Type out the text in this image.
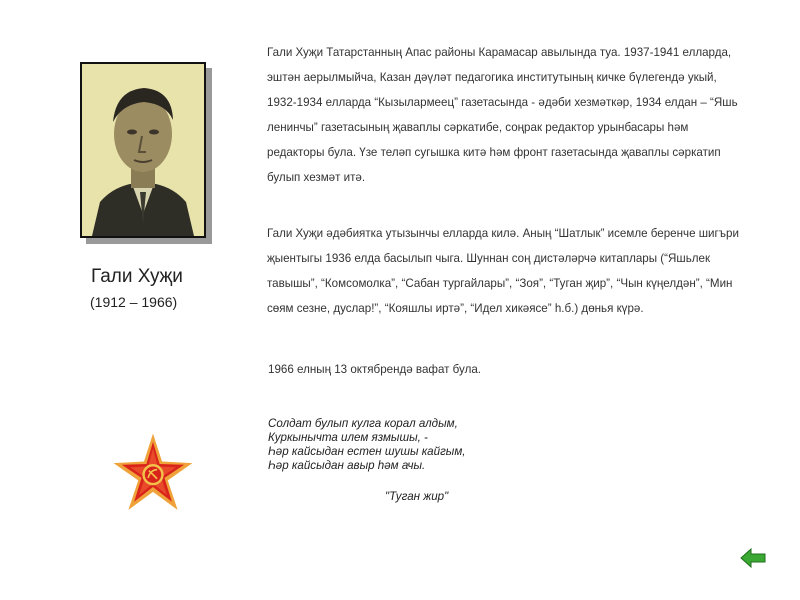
Гали Хуҗи
(1912 – 1966)

Гали Хуҗи Татарстанның Апас районы Карамасар авылында туа. 1937-1941 елларда, эштән аерылмыйча, Казан дәүләт педагогика институтының кичке бүлегендә укый, 1932-1934 елларда “Кызылармеец” газетасында - әдәби хезмәткәр, 1934 елдан – “Яшь ленинчы” газетасының җаваплы сәркатибе, соңрак редактор урынбасары һәм редакторы була. Үзе теләп сугышка китә һәм фронт газетасында җаваплы сәркатип булып хезмәт итә.

Гали Хуҗи әдәбиятка утызынчы елларда килә. Аның “Шатлык” исемле беренче шигъри җыентыгы 1936 елда басылып чыга. Шуннан соң дистәләрчә китаплары (“Яшьлек тавышы”, “Комсомолка”, “Сабан тургайлары”, “Зоя”, “Туган җир”, “Чын күңелдән”, “Мин сөям сезне, дуслар!”, “Кояшлы иртә”, “Идел хикәясе” һ.б.) дөнья күрә.

1966 елның 13 октябрендә вафат була.

Солдат булып кулга корал алдым,
Куркынычта илем язмышы, -
Һәр кайсыдан естен шушы кайгым,
Һәр кайсыдан авыр һәм ачы.
"Туган жир"
